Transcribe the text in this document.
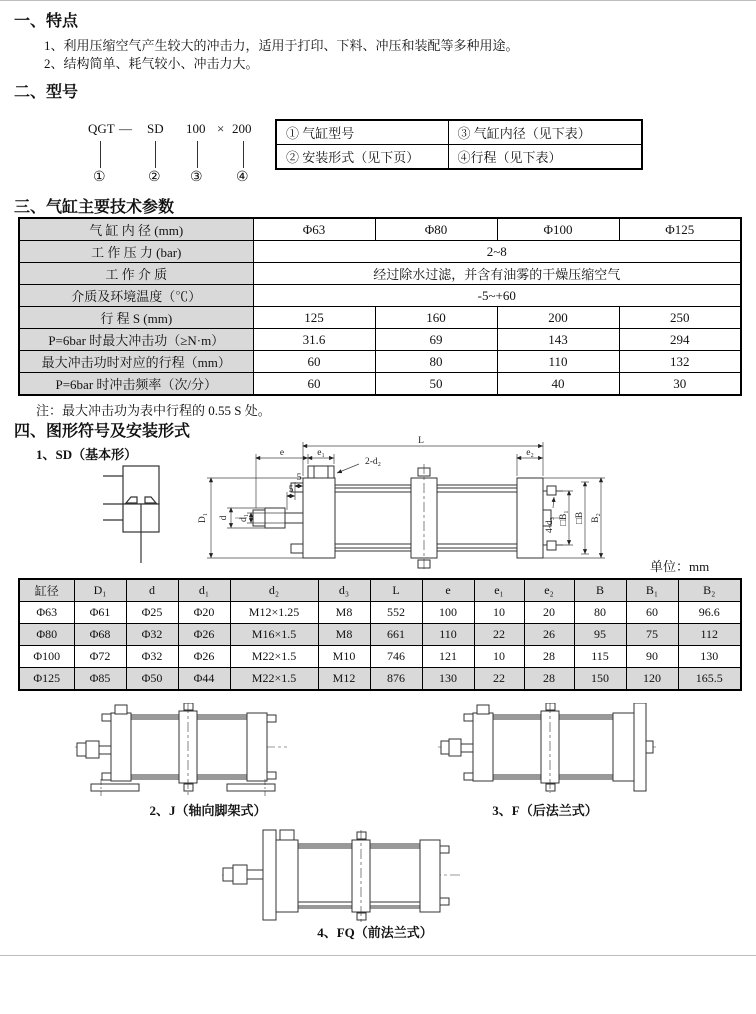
一、特点
1、利用压缩空气产生较大的冲击力，适用于打印、下料、冲压和装配等多种用途。
2、结构简单、耗气较小、冲击力大。
二、型号
QGT — SD 100 × 200
①	② ③ ④
① 气缸型号	③ 气缸内径（见下表）
② 安装形式（见下页）	④行程（见下表）
三、气缸主要技术参数
气 缸 内 径 (mm)	Φ63	Φ80	Φ100	Φ125
工 作 压 力 (bar)	2~8			
工 作 介 质	经过除水过滤，并含有油雾的干燥压缩空气			
介质及环境温度（℃）	-5~+60			
行 程 S (mm)	125	160	200	250
P=6bar 时最大冲击功（≥N·m）	31.6	69	143	294
最大冲击功时对应的行程（mm）	60	80	110	132
P=6bar 时冲击频率（次/分）	60	50	40	30
注：最大冲击功为表中行程的 0.55 S 处。
四、图形符号及安装形式
1、SD（基本形）
L
e	e₁
2-d₂
5
5
D₁ d d₁
e₂
4-d₃ □B₁ □B B₂
单位：mm
缸径	D₁	d	d₁	d₂	d₃	L	e	e₁	e₂	B	B₁	B₂
Φ63	Φ61	Φ25	Φ20	M12×1.25	M8	552	100	10	20	80	60	96.6
Φ80	Φ68	Φ32	Φ26	M16×1.5	M8	661	110	22	26	95	75	112
Φ100	Φ72	Φ32	Φ26	M22×1.5	M10	746	121	10	28	115	90	130
Φ125	Φ85	Φ50	Φ44	M22×1.5	M12	876	130	22	28	150	120	165.5
2、J（轴向脚架式）	3、F（后法兰式）
4、FQ（前法兰式）
